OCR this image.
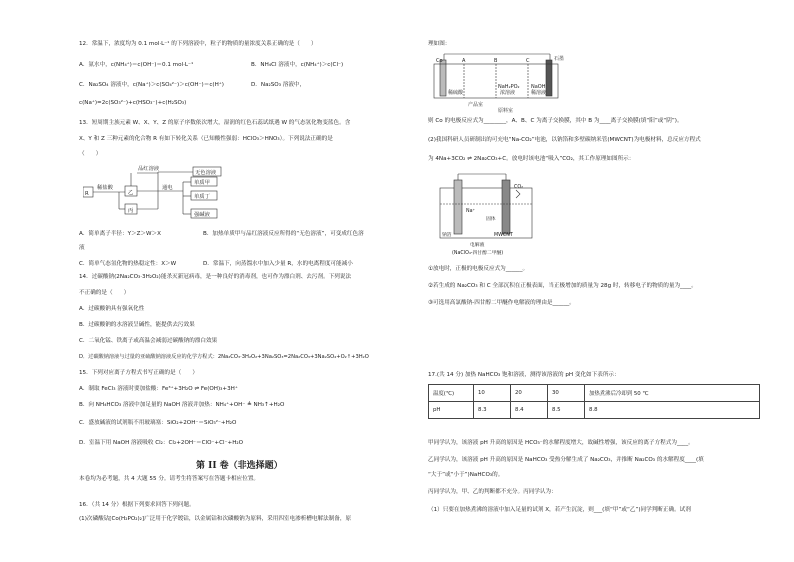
12．常温下，浓度均为 0.1 mol·L⁻¹ 的下列溶液中，粒子的物质的量浓度关系正确的是（　　）
A．氨水中，c(NH₄⁺)＝c(OH⁻)＝0.1 mol·L⁻¹	B．NH₄Cl 溶液中，c(NH₄⁺)＞c(Cl⁻)
C．Na₂SO₄ 溶液中，c(Na⁺)＞c(SO₄²⁻)＞c(OH⁻)＝c(H⁺)	D．Na₂SO₃ 溶液中，
c(Na⁺)=2c(SO₃²⁻)+c(HSO₃⁻)+c(H₂SO₃)
13．短周期主族元素 W、X、Y、Z 的原子序数依次增大，湿润的红色石蕊试纸遇 W 的气态氢化物变蓝色。含
X、Y 和 Z 三种元素的化合物 R 有如下转化关系（已知酸性强弱：HClO₃＞HNO₃）。下列说法正确的是
（　　）
R
稀盐酸
乙
丙
品红溶液
通电
无色溶液
单质甲
单质丁
强碱液
A．简单离子半径：Y＞Z＞W＞X	B．加热单质甲与品红溶液反应所得的“无色溶液”，可变成红色溶
液
C．简单气态氢化物的热稳定性：X＞W	D．常温下，向蒸馏水中加入少量 R，水的电离程度可能减小
14．过碳酸钠(2Na₂CO₃·3H₂O₂)能杀灭新冠病毒，是一种良好的消毒剂，也可作为漂白剂、去污剂。下列说法
不正确的是（　　）
A．过碳酸钠具有强氧化性
B．过碳酸钠的水溶液呈碱性，能提供去污效果
C．二氧化锰、铁离子或高温会减弱过碳酸钠的漂白效果
D．过碳酸钠溶液与过量的亚硫酸钠溶液反应的化学方程式：2Na₂CO₃·3H₂O₂+3Na₂SO₃=2Na₂CO₃+3Na₂SO₄+O₂↑+3H₂O
15．下列对应离子方程式书写正确的是（　　）
A．制取 FeCl₃ 溶液时要加盐酸：Fe³⁺+3H₂O ⇌ Fe(OH)₃+3H⁺
B．向 NH₄HCO₃ 溶液中加足量的 NaOH 溶液并加热：NH₄⁺+OH⁻ ≜ NH₃↑+H₂O
C．盛放碱液的试剂瓶不用玻璃塞：SiO₂+2OH⁻＝SiO₃²⁻+H₂O
D．室温下用 NaOH 溶液吸收 Cl₂：Cl₂+2OH⁻＝ClO⁻+Cl⁻+H₂O
第 II 卷（非选择题）
本卷均为必考题，共 4 大题 55 分。请考生将答案写在答题卡相应位置。
16．（共 14 分）根据下列要求回答下列问题。
(1)次磷酸钴[Co(H₂PO₂)₂]广泛用于化学镀钴，以金属钴和次磷酸钠为原料，采用四室电渗析槽电解法制备，原
理如图：
Co	石墨
A	B	C
稀硫酸
NaH₂PO₂
浓溶液
NaOH
稀溶液
产品室
原料室
则 Co 的电极反应式为________，A、B、C 为离子交换膜，其中 B 为____离子交换膜(填“阳”或“阴”)。
(2)我国科研人员研制出的可充电“Na-CO₂”电池，以钠箔和多壁碳纳米管(MWCNT)为电极材料，总反应方程式
为 4Na+3CO₂ ⇌ 2Na₂CO₃+C。放电时该电池“吸入”CO₂，其工作原理如图所示：
Na⁺
CO₂
钠箔	MWCNT
固体
电解液
(NaClO₄-四甘醇二甲醚)
①放电时，正极的电极反应式为______。
②若生成的 Na₂CO₃ 和 C 全部沉积在正极表面，当正极增加的质量为 28g 时，转移电子的物质的量为____。
③可选用高氯酸钠-四甘醇二甲醚作电解液的理由是______。
17.(共 14 分) 加热 NaHCO₃ 饱和溶液，测得该溶液的 pH 变化如下表所示：
温度(℃)	10	20	30	加热煮沸后冷却到 50 ℃
pH	8.3	8.4	8.5	8.8
甲同学认为，该溶液 pH 升高的原因是 HCO₃⁻的水解程度增大，故碱性增强，该反应的离子方程式为____。
乙同学认为，该溶液 pH 升高的原因是 NaHCO₃ 受热分解生成了 Na₂CO₃，并推断 Na₂CO₃ 的水解程度____(填
“大于”或“小于”)NaHCO₃的。
丙同学认为，甲、乙的判断都不充分。丙同学认为：
（1）只要在加热煮沸的溶液中加入足量的试剂 X，若产生沉淀，则___(填“甲”或“乙”)同学判断正确。试剂
